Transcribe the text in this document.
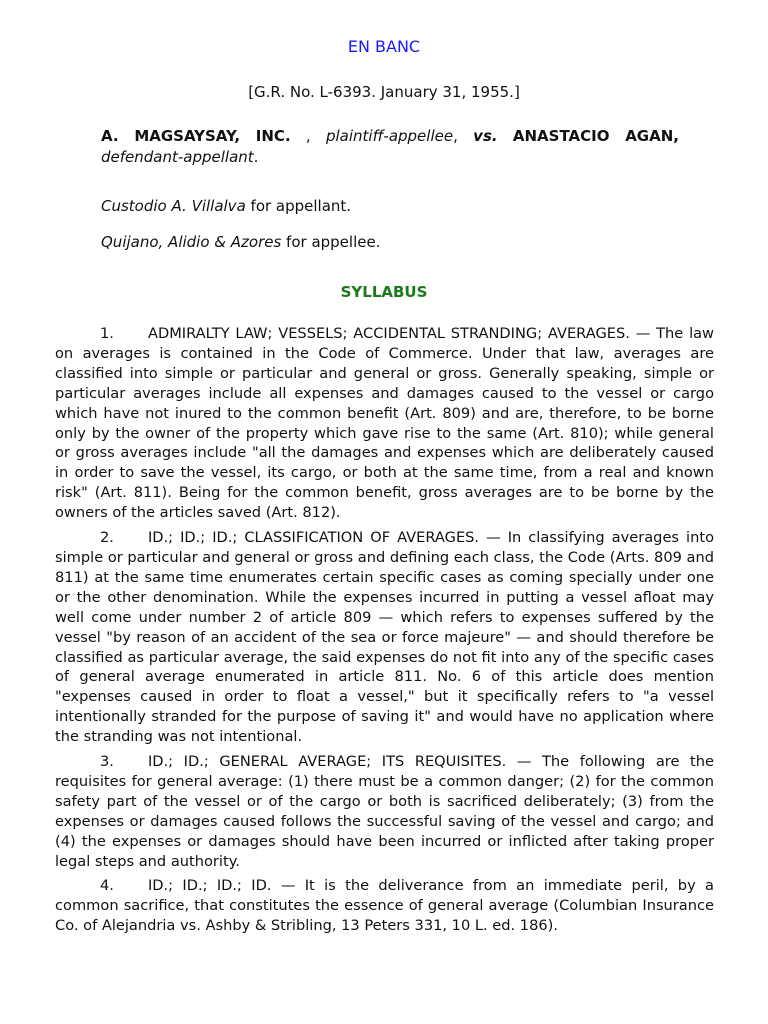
EN BANC
[G.R. No. L-6393. January 31, 1955.]
A. MAGSAYSAY, INC. , plaintiff-appellee, vs. ANASTACIO AGAN, defendant-appellant.
Custodio A. Villalva for appellant.
Quijano, Alidio & Azores for appellee.
SYLLABUS

1. ADMIRALTY LAW; VESSELS; ACCIDENTAL STRANDING; AVERAGES. — The law on averages is contained in the Code of Commerce. Under that law, averages are classified into simple or particular and general or gross. Generally speaking, simple or particular averages include all expenses and damages caused to the vessel or cargo which have not inured to the common benefit (Art. 809) and are, therefore, to be borne only by the owner of the property which gave rise to the same (Art. 810); while general or gross averages include "all the damages and expenses which are deliberately caused in order to save the vessel, its cargo, or both at the same time, from a real and known risk" (Art. 811). Being for the common benefit, gross averages are to be borne by the owners of the articles saved (Art. 812).

2. ID.; ID.; ID.; CLASSIFICATION OF AVERAGES. — In classifying averages into simple or particular and general or gross and defining each class, the Code (Arts. 809 and 811) at the same time enumerates certain specific cases as coming specially under one or the other denomination. While the expenses incurred in putting a vessel afloat may well come under number 2 of article 809 — which refers to expenses suffered by the vessel "by reason of an accident of the sea or force majeure" — and should therefore be classified as particular average, the said expenses do not fit into any of the specific cases of general average enumerated in article 811. No. 6 of this article does mention "expenses caused in order to float a vessel," but it specifically refers to "a vessel intentionally stranded for the purpose of saving it" and would have no application where the stranding was not intentional.

3. ID.; ID.; GENERAL AVERAGE; ITS REQUISITES. — The following are the requisites for general average: (1) there must be a common danger; (2) for the common safety part of the vessel or of the cargo or both is sacrificed deliberately; (3) from the expenses or damages caused follows the successful saving of the vessel and cargo; and (4) the expenses or damages should have been incurred or inflicted after taking proper legal steps and authority.

4. ID.; ID.; ID.; ID. — It is the deliverance from an immediate peril, by a common sacrifice, that constitutes the essence of general average (Columbian Insurance Co. of Alejandria vs. Ashby & Stribling, 13 Peters 331, 10 L. ed. 186).
